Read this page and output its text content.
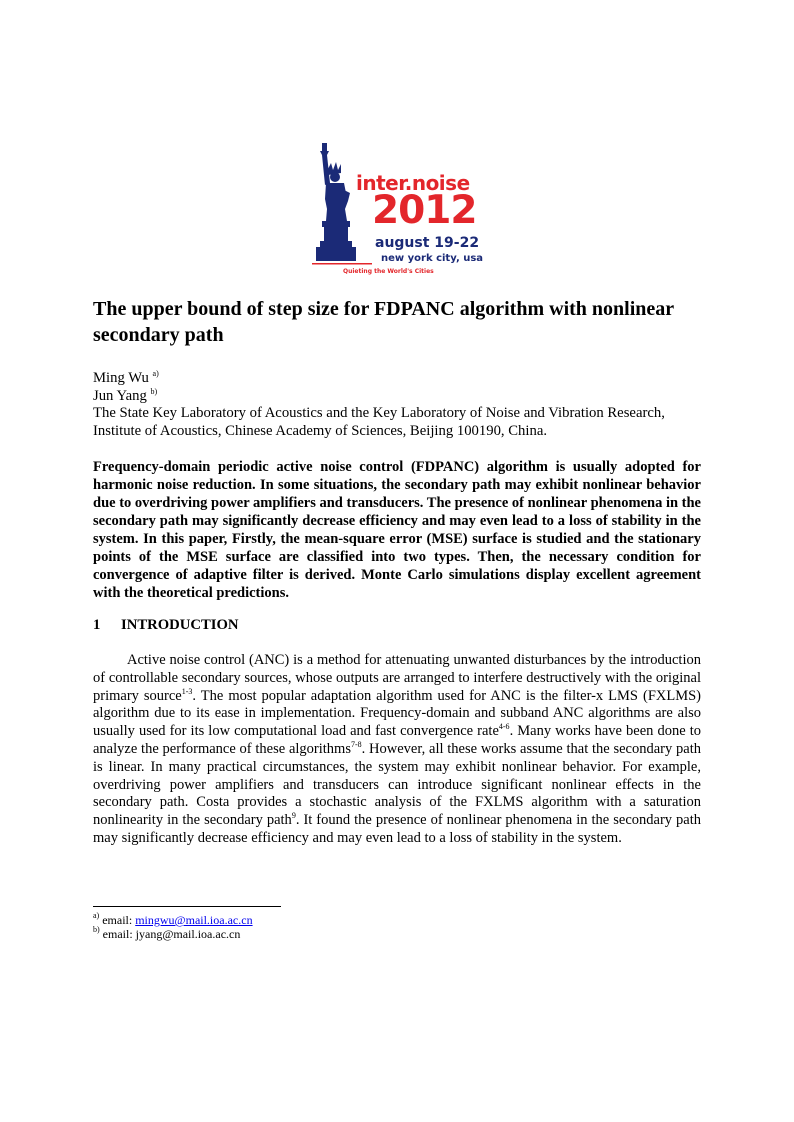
inter.noise
2012
august 19-22
new york city, usa
Quieting the World's Cities
The upper bound of step size for FDPANC algorithm with nonlinear secondary path
Ming Wu $^{a)}$
Jun Yang $^{b)}$
The State Key Laboratory of Acoustics and the Key Laboratory of Noise and Vibration Research, Institute of Acoustics, Chinese Academy of Sciences, Beijing 100190, China.

Frequency-domain periodic active noise control (FDPANC) algorithm is usually adopted for harmonic noise reduction. In some situations, the secondary path may exhibit nonlinear behavior due to overdriving power amplifiers and transducers. The presence of nonlinear phenomena in the secondary path may significantly decrease efficiency and may even lead to a loss of stability in the system. In this paper, Firstly, the mean-square error (MSE) surface is studied and the stationary points of the MSE surface are classified into two types. Then, the necessary condition for convergence of adaptive filter is derived. Monte Carlo simulations display excellent agreement with the theoretical predictions.

1 INTRODUCTION

Active noise control (ANC) is a method for attenuating unwanted disturbances by the introduction of controllable secondary sources, whose outputs are arranged to interfere destructively with the original primary source$^{1-3}$. The most popular adaptation algorithm used for ANC is the filter-x LMS (FXLMS) algorithm due to its ease in implementation. Frequency-domain and subband ANC algorithms are also usually used for its low computational load and fast convergence rate$^{4-6}$. Many works have been done to analyze the performance of these algorithms$^{7-8}$. However, all these works assume that the secondary path is linear. In many practical circumstances, the system may exhibit nonlinear behavior. For example, overdriving power amplifiers and transducers can introduce significant nonlinear effects in the secondary path. Costa provides a stochastic analysis of the FXLMS algorithm with a saturation nonlinearity in the secondary path$^9$. It found the presence of nonlinear phenomena in the secondary path may significantly decrease efficiency and may even lead to a loss of stability in the system.

$^{a)}$ email: mingwu@mail.ioa.ac.cn
$^{b)}$ email: jyang@mail.ioa.ac.cn
